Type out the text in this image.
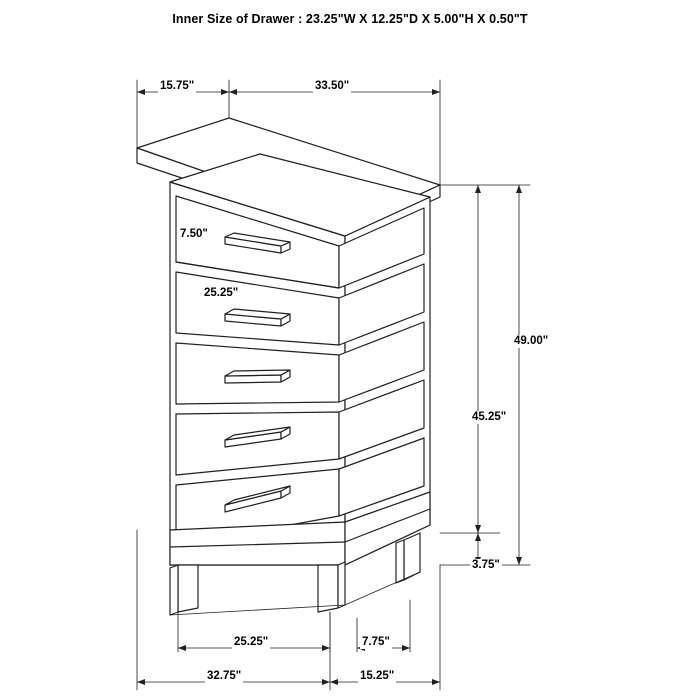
Inner Size of Drawer : 23.25"W X 12.25"D X 5.00"H X 0.50"T
15.75"	33.50"
7.50"
25.25"
49.00"
45.25"
3.75"
25.25"	7.75"
32.75"	15.25"
